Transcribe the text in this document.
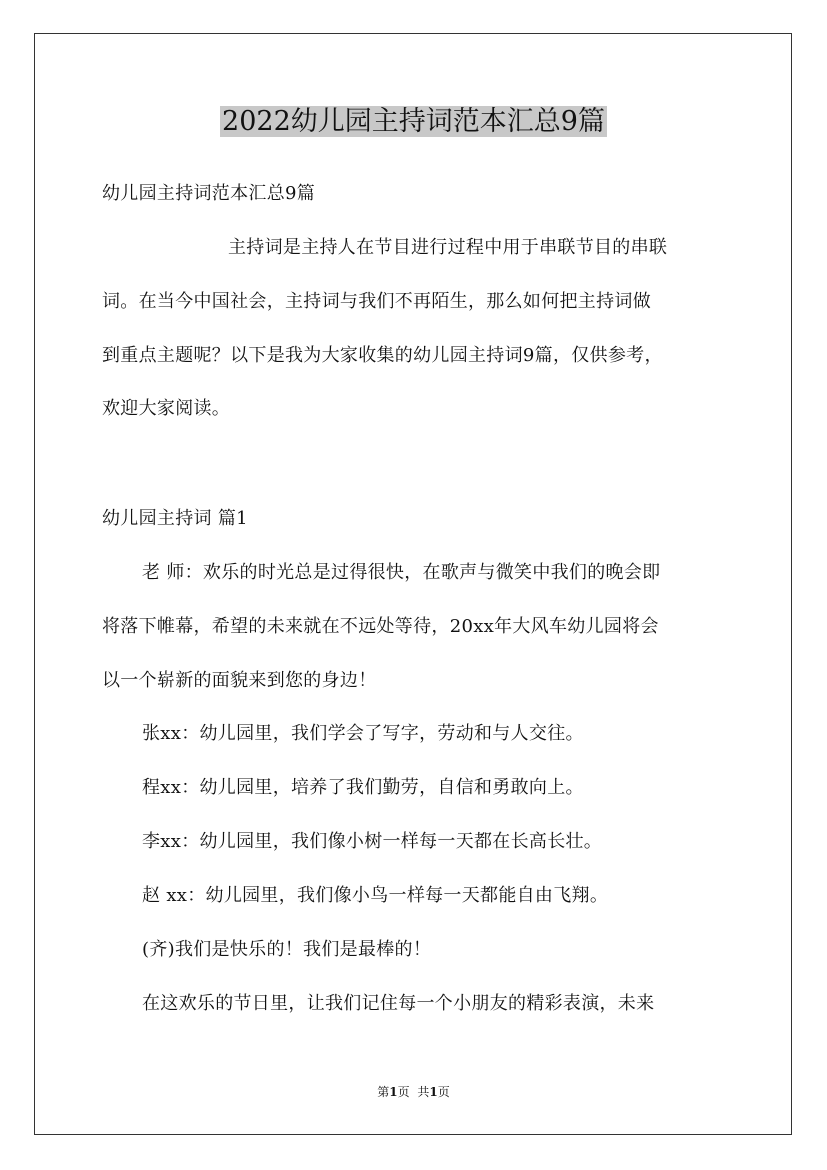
2022幼儿园主持词范本汇总9篇
幼儿园主持词范本汇总9篇
主持词是主持人在节目进行过程中用于串联节目的串联
词。在当今中国社会，主持词与我们不再陌生，那么如何把主持词做
到重点主题呢？以下是我为大家收集的幼儿园主持词9篇，仅供参考，
欢迎大家阅读。
幼儿园主持词 篇1
老 师：欢乐的时光总是过得很快，在歌声与微笑中我们的晚会即
将落下帷幕，希望的未来就在不远处等待，20xx年大风车幼儿园将会
以一个崭新的面貌来到您的身边！
张xx：幼儿园里，我们学会了写字，劳动和与人交往。
程xx：幼儿园里，培养了我们勤劳，自信和勇敢向上。
李xx：幼儿园里，我们像小树一样每一天都在长高长壮。
赵 xx：幼儿园里，我们像小鸟一样每一天都能自由飞翔。
(齐)我们是快乐的！我们是最棒的！
在这欢乐的节日里，让我们记住每一个小朋友的精彩表演，未来
第1页 共1页
